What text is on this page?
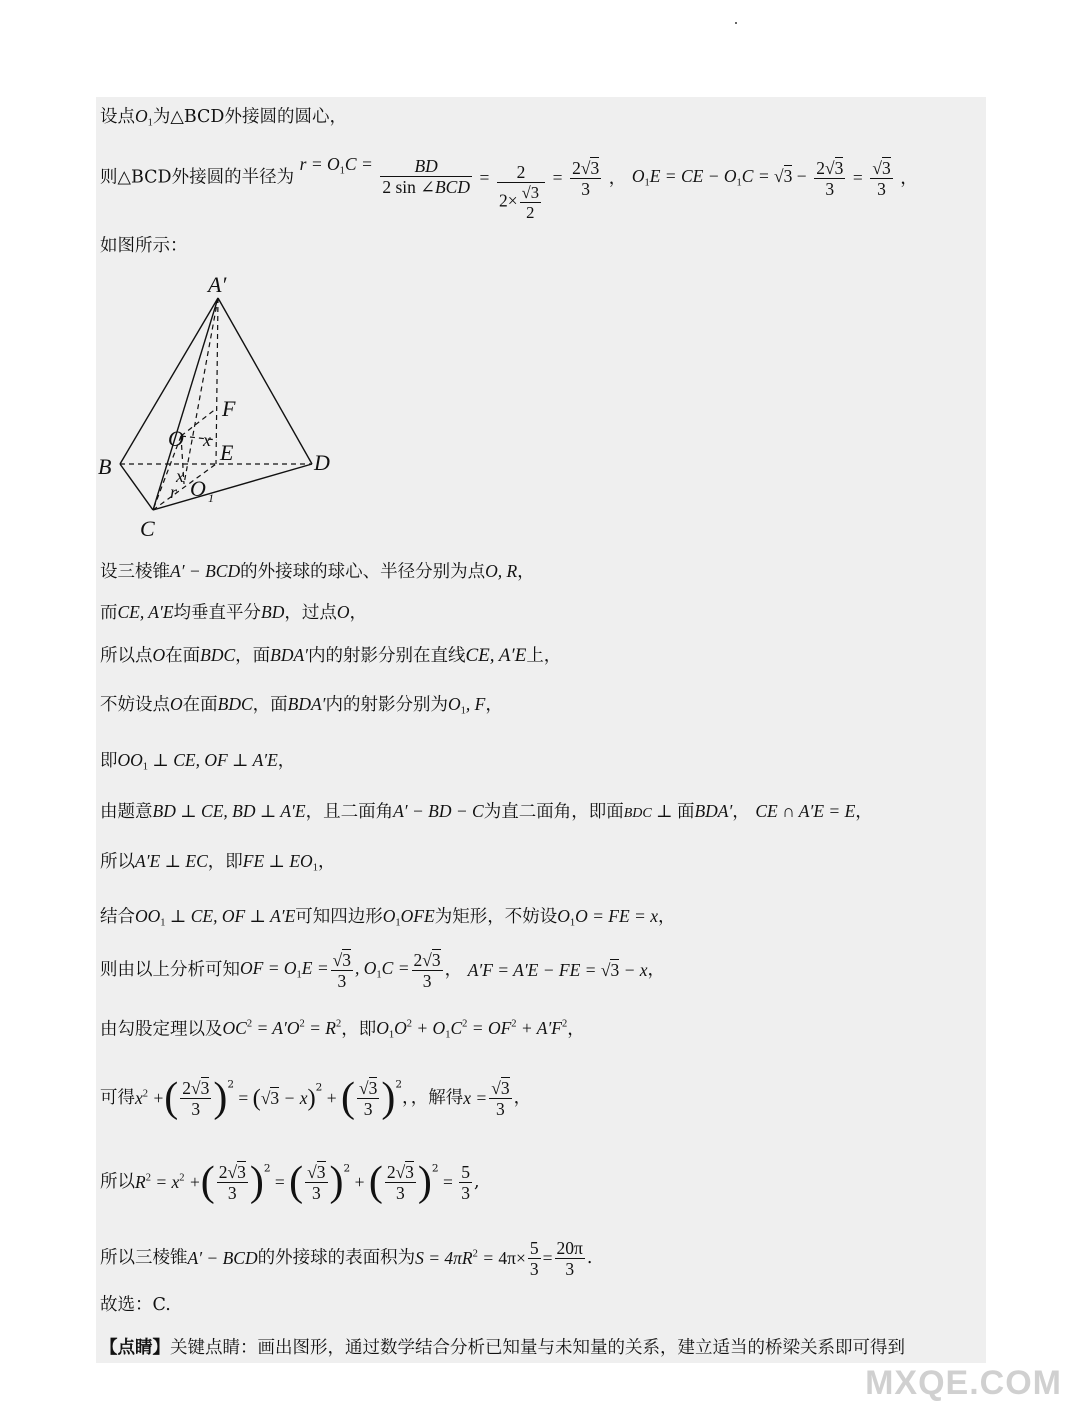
设点$O_1$为△BCD外接圆的圆心，
则△BCD外接圆的半径为 $r = O_1C = \frac{BD}{\text{2 sin ∠BCD}} = \frac{2}{2\times \frac{√3}{2}} = \frac{2√3}{3}$ ， $O_1E$ = CE − $O_1C = √3 - \frac{2√3}{3} = \frac{√3}{3}$ ，
如图所示：
A′
F
O x E
B	D
x
r O 1
C
设三棱锥A′ − BCD的外接球的球心、半径分别为点O, R，
而CE, A′E均垂直平分BD，过点O，
所以点O在面BDC，面BDA′内的射影分别在直线CE, A′E上，
不妨设点O在面BDC，面BDA′内的射影分别为$O_1$, F，
即$OO_1$ ⊥ CE, OF ⊥ A′E，
由题意BD ⊥ CE, BD ⊥ A′E，且二面角A′ − BD − C为直二面角，即面BDC ⊥ 面BDA′， CE ∩ A′E = E，
所以A′E ⊥ EC，即FE ⊥ $EO_1$，
结合$OO_1$ ⊥ CE, OF ⊥ A′E可知四边形$O_1OFE$为矩形，不妨设$O_1O$ = FE = x，
则由以上分析可知OF = $O_1E = \frac{√3}{3}$ , $O_1C = \frac{2√3}{3}$ ， A′F = A′E − FE = √3 − x，
由勾股定理以及$OC^2 = A'O^2 = R^2$，即$O_1O^2 + O_1C^2 = OF^2 + A'F^2$，
可得$x^2$ +( $\frac{2√3}{3} )^2 = (√3 - x)^2$ + ( $\frac{√3}{3} )^2$，，解得$x = \frac{√3}{3}$ ，
所以$R^2 = x^2$ +( $\frac{2√3}{3} )^2$ = ( $\frac{√3}{3} )^2$ + ( $\frac{2√3}{3} )^2 = \frac{5}{3}$ ,
所以三棱锥A′ − BCD的外接球的表面积为$S = 4\pi R^2 = 4\pi\times \frac{5}{3} = \frac{20\pi}{3}$ .
故选：C.
【点睛】关键点睛：画出图形，通过数学结合分析已知量与未知量的关系，建立适当的桥梁关系即可得到
MXQE.COM
